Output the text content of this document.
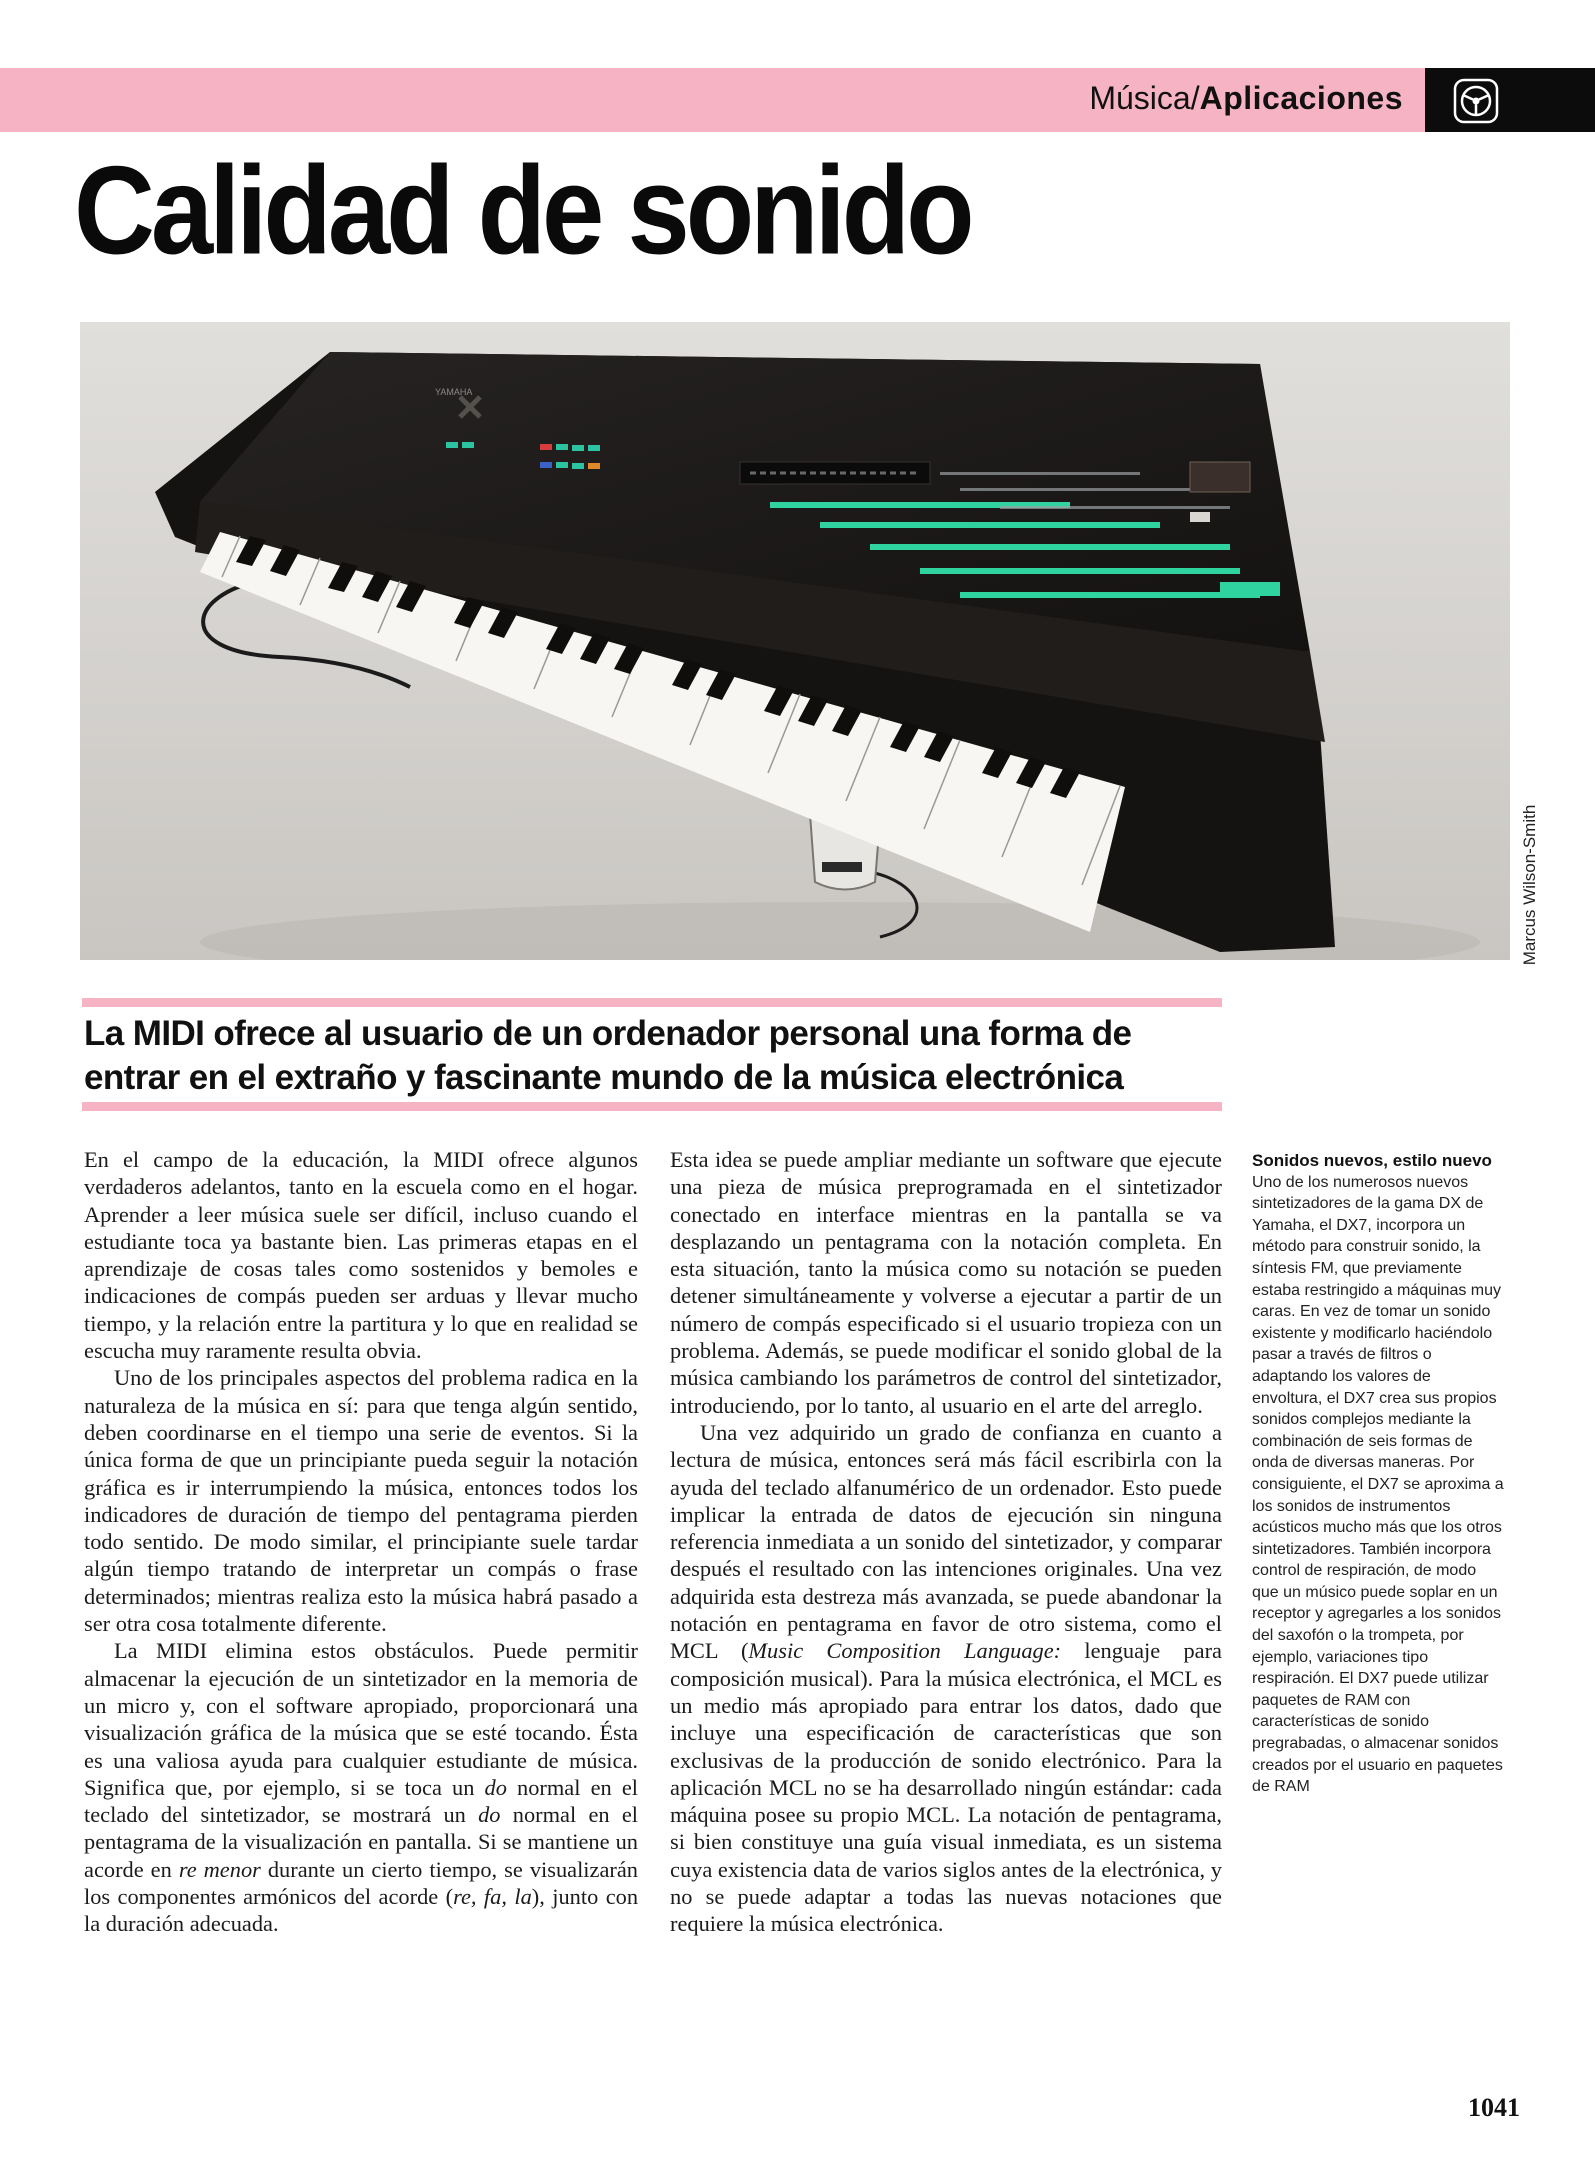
Música/Aplicaciones
Calidad de sonido
YAMAHA
Marcus Wilson-Smith
La MIDI ofrece al usuario de un ordenador personal una forma de entrar en el extraño y fascinante mundo de la música electrónica

En el campo de la educación, la MIDI ofrece algunos verdaderos adelantos, tanto en la escuela como en el hogar. Aprender a leer música suele ser difícil, incluso cuando el estudiante toca ya bastante bien. Las primeras etapas en el aprendizaje de cosas tales como sostenidos y bemoles e indicaciones de compás pueden ser arduas y llevar mucho tiempo, y la relación entre la partitura y lo que en realidad se escucha muy raramente resulta obvia.

Uno de los principales aspectos del problema radica en la naturaleza de la música en sí: para que tenga algún sentido, deben coordinarse en el tiempo una serie de eventos. Si la única forma de que un principiante pueda seguir la notación gráfica es ir interrumpiendo la música, entonces todos los indicadores de duración de tiempo del pentagrama pierden todo sentido. De modo similar, el principiante suele tardar algún tiempo tratando de interpretar un compás o frase determinados; mientras realiza esto la música habrá pasado a ser otra cosa totalmente diferente.

La MIDI elimina estos obstáculos. Puede permitir almacenar la ejecución de un sintetizador en la memoria de un micro y, con el software apropiado, proporcionará una visualización gráfica de la música que se esté tocando. Ésta es una valiosa ayuda para cualquier estudiante de música. Significa que, por ejemplo, si se toca un do normal en el teclado del sintetizador, se mostrará un do normal en el pentagrama de la visualización en pantalla. Si se mantiene un acorde en re menor durante un cierto tiempo, se visualizarán los componentes armónicos del acorde (re, fa, la), junto con la duración adecuada.

Esta idea se puede ampliar mediante un software que ejecute una pieza de música preprogramada en el sintetizador conectado en interface mientras en la pantalla se va desplazando un pentagrama con la notación completa. En esta situación, tanto la música como su notación se pueden detener simultáneamente y volverse a ejecutar a partir de un número de compás especificado si el usuario tropieza con un problema. Además, se puede modificar el sonido global de la música cambiando los parámetros de control del sintetizador, introduciendo, por lo tanto, al usuario en el arte del arreglo.

Una vez adquirido un grado de confianza en cuanto a lectura de música, entonces será más fácil escribirla con la ayuda del teclado alfanumérico de un ordenador. Esto puede implicar la entrada de datos de ejecución sin ninguna referencia inmediata a un sonido del sintetizador, y comparar después el resultado con las intenciones originales. Una vez adquirida esta destreza más avanzada, se puede abandonar la notación en pentagrama en favor de otro sistema, como el MCL (Music Composition Language: lenguaje para composición musical). Para la música electrónica, el MCL es un medio más apropiado para entrar los datos, dado que incluye una especificación de características que son exclusivas de la producción de sonido electrónico. Para la aplicación MCL no se ha desarrollado ningún estándar: cada máquina posee su propio MCL. La notación de pentagrama, si bien constituye una guía visual inmediata, es un sistema cuya existencia data de varios siglos antes de la electrónica, y no se puede adaptar a todas las nuevas notaciones que requiere la música electrónica.

Sonidos nuevos, estilo nuevo

Uno de los numerosos nuevos sintetizadores de la gama DX de Yamaha, el DX7, incorpora un método para construir sonido, la síntesis FM, que previamente estaba restringido a máquinas muy caras. En vez de tomar un sonido existente y modificarlo haciéndolo pasar a través de filtros o adaptando los valores de envoltura, el DX7 crea sus propios sonidos complejos mediante la combinación de seis formas de onda de diversas maneras. Por consiguiente, el DX7 se aproxima a los sonidos de instrumentos acústicos mucho más que los otros sintetizadores. También incorpora control de respiración, de modo que un músico puede soplar en un receptor y agregarles a los sonidos del saxofón o la trompeta, por ejemplo, variaciones tipo respiración. El DX7 puede utilizar paquetes de RAM con características de sonido pregrabadas, o almacenar sonidos creados por el usuario en paquetes de RAM

1041
